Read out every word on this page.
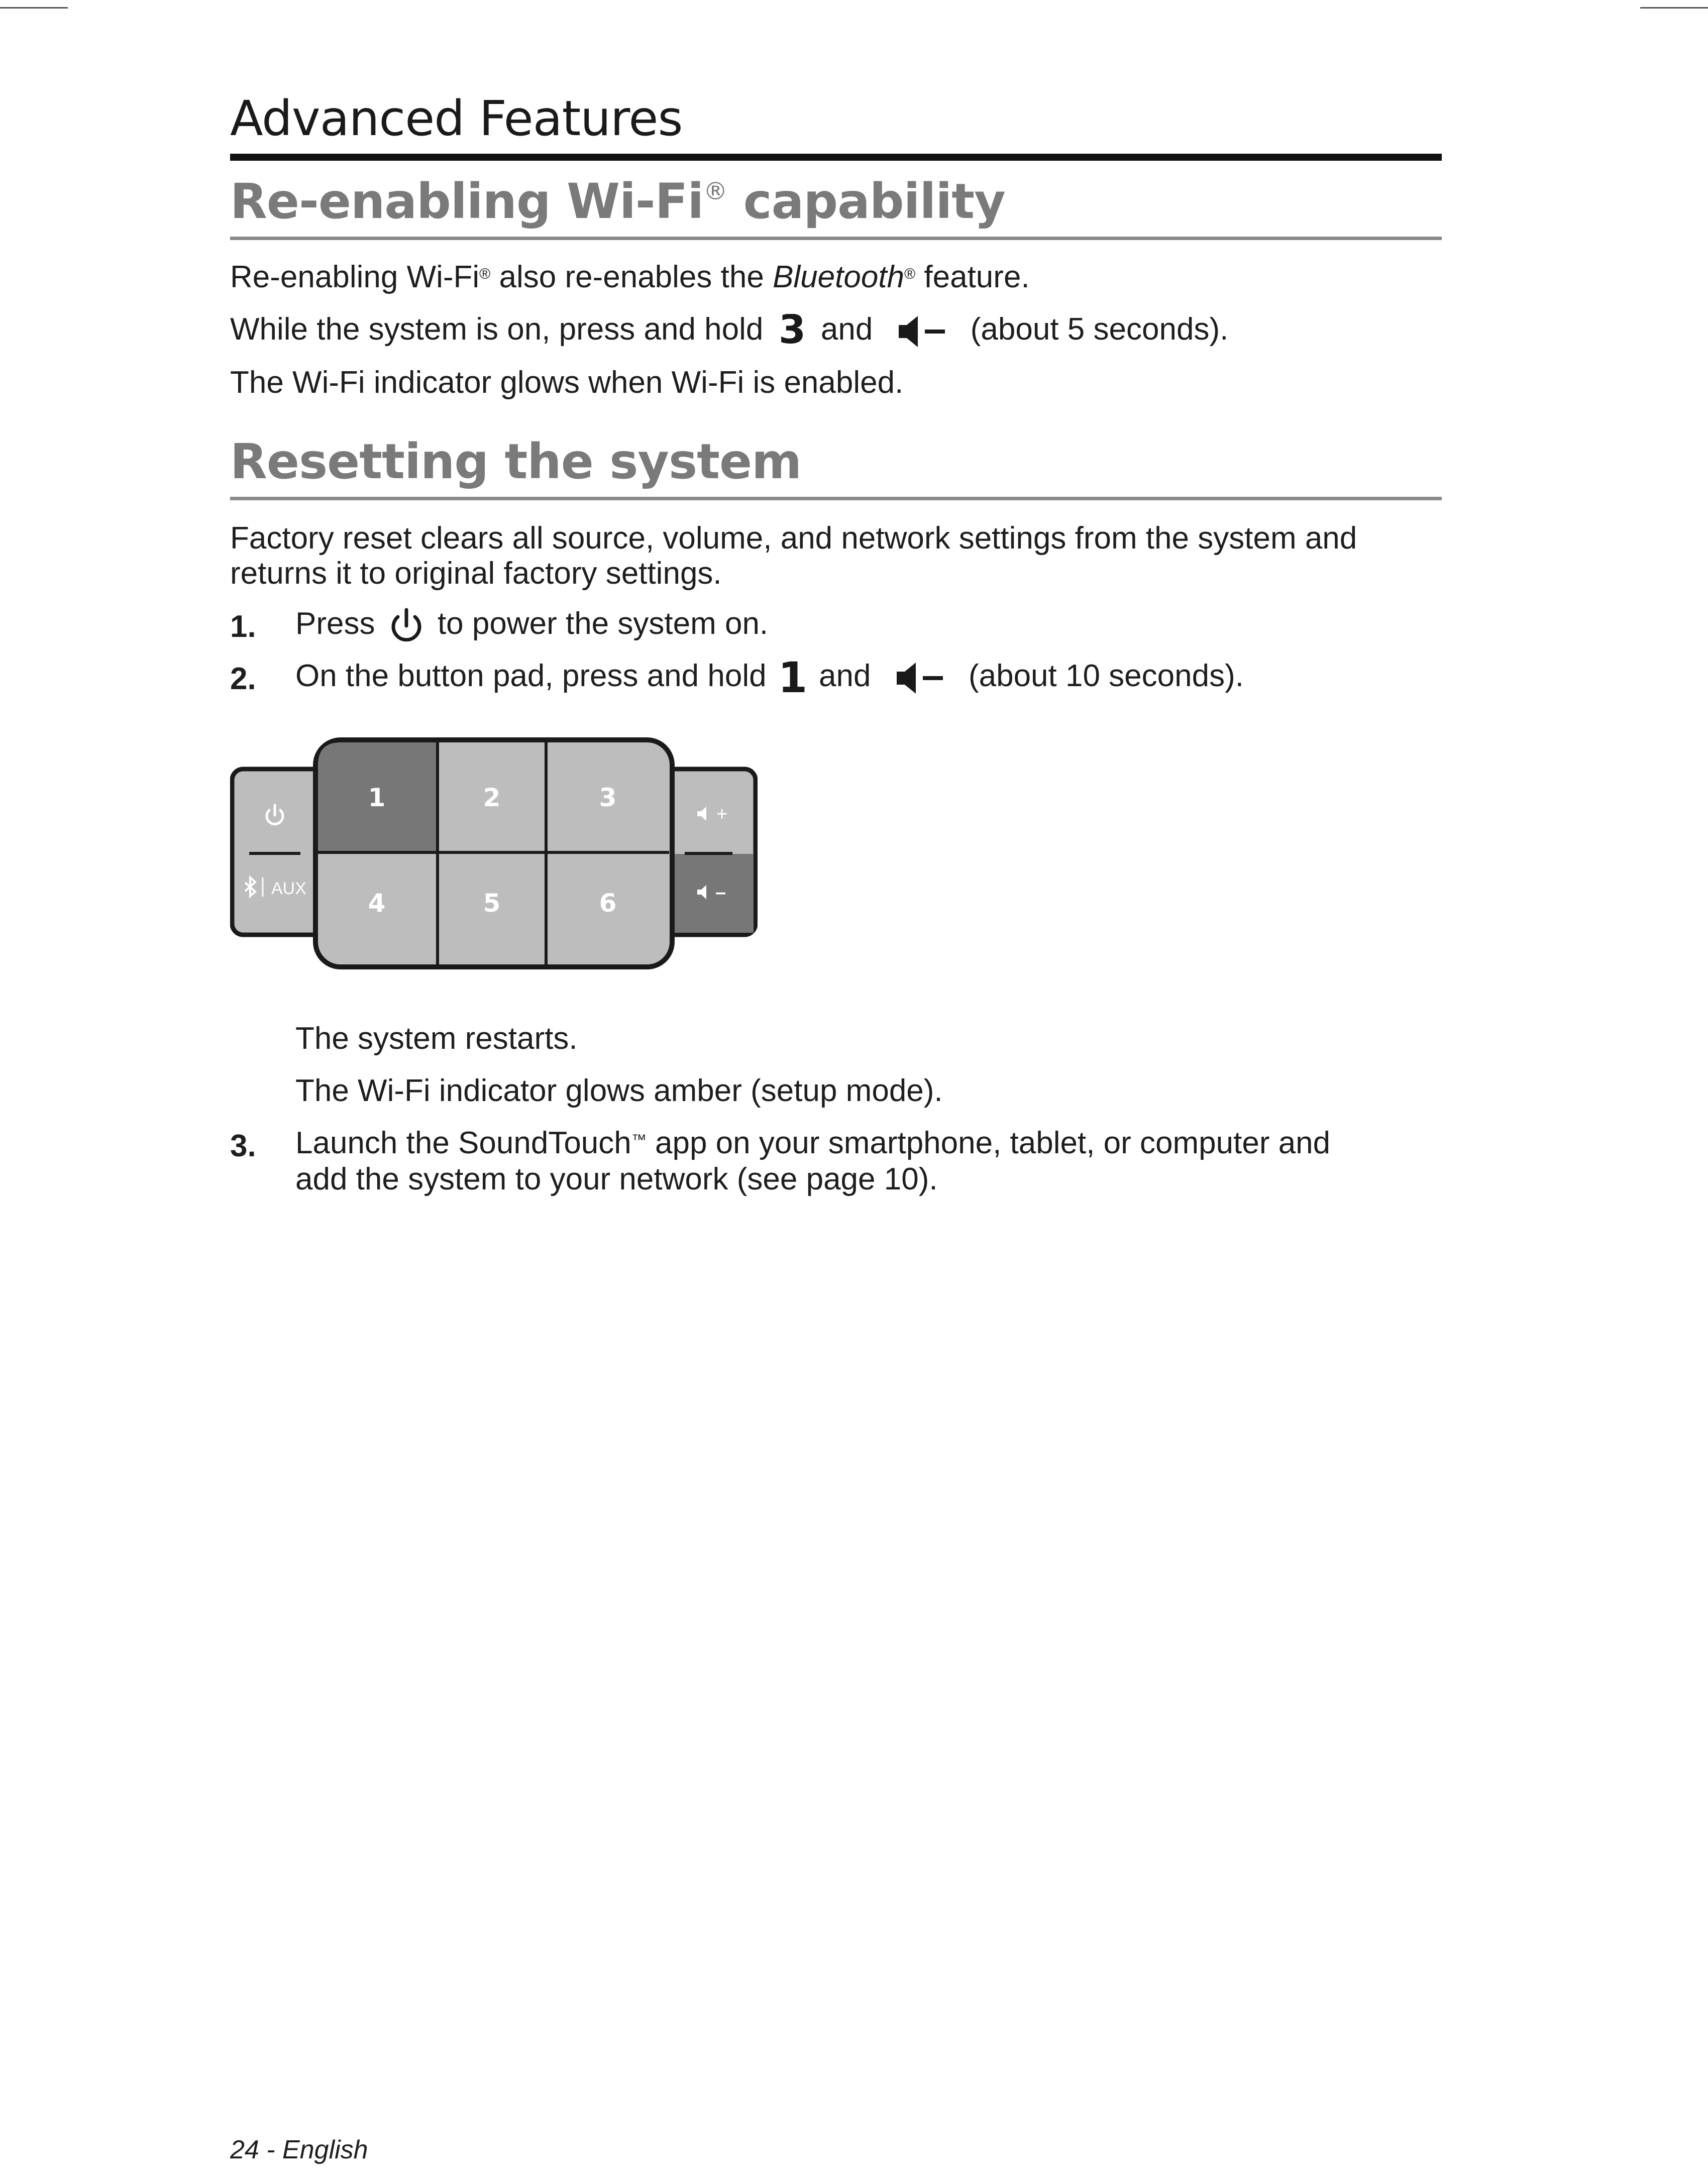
Advanced Features
Re-enabling Wi-Fi® capability

Re-enabling Wi-Fi® also re-enables the Bluetooth® feature.

While the system is on, press and hold 3 and	(about 5 seconds).

The Wi-Fi indicator glows when Wi-Fi is enabled.

Resetting the system

Factory reset clears all source, volume, and network settings from the system and

returns it to original factory settings.

1. Press to power the system on.
2. On the button pad, press and hold 1 and	(about 10 seconds).

The system restarts.

The Wi-Fi indicator glows amber (setup mode).

3. Launch the SoundTouch™ app on your smartphone, tablet, or computer and
add the system to your network (see page 10).
AUX
1	2	3
4	5	6
+
–
24 - English
